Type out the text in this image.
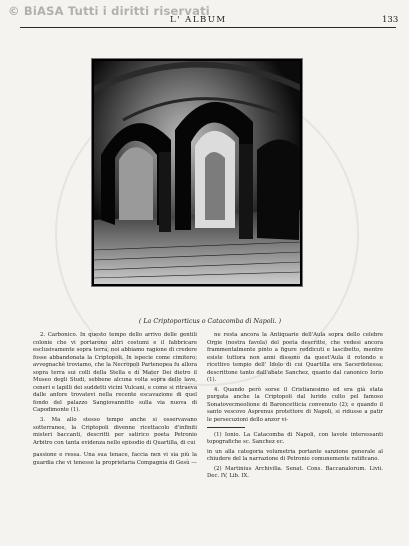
© BiASA Tutti i diritti riservati
L' ALBUM	133
( La Criptoporticus o Catacomba di Napoli. )

2. Carbonico. In questo tempo dello arrivo delle gentili colonie che vi portarono altri costumi e il fabbricare esclusivamente sopra terra, noi abbiamo ragione di credere fosse abbandonata la Criptopoli. In ispecie come cimitero; avvegnachè troviamo, che la Necropoli Partenopea fu allora sopra terra sui colli della Stella e di Mater Dei dietro il Museo degli Studi, sebbene alcuna volta sopra delle lave, ceneri e lapilli dei suddetti vicini Vulcani, e come si ritraeva dalle anfore trovatevi nella recente escavazione di quel fondo del palazzo Sangiovannitto sulla via nuova di Capodimonte (1).

3. Ma allo stesso tempo anche si osservavano sotterranee, la Criptopoli divenne ricettacolo d'infiniti misteri baccanti, descritti per satirico poeta Petronio Arbitro con tanta evidenza nello episodio di Quartilla, di cui

passione e ressa. Una sua tenace, faccia nen vi sia più la guardia che vi tenesse la proprietaria Compagnia di Gesù ---

ne resta ancora la Antiquarie dell'Aula sopra dello celebre Orgie (nostra favola) del poeta descritte, che vedesi ancora frammentalmente pinto a figure reddicuti e lascibetto, mentre esiste tuttora non anni dissono da quest'Aula il rotondo e ricettivo tempio dell' Idolo di cui Quartilla era Sacerdotessa; descrittone tanto dall'abate Sanchez, quanto dal canonico Iorio (1).

4. Quando però sorse il Cristianesimo ed era già stata purgata anche la Criptopoli dal lurido culto pel famoso Sonatovecmeolione di Baroncetticia convenuto (2); e quando il santo vescovo Asprenus protettore di Napoli, si ridusse a patir le persecuzioni dello anzor vi-

(1) Ionio. La Catacomba di Napoli, con lavole interessanti topografiche sc. Sanchez ec.

in un alla categoria volumetria portante sanzione generale al chiudere del la narrazione di Petronio comunemente ratificano.

(2) Martinius Archivilia. Senat. Cons. Baccanalorum. Livii. Dec. IV, Lib. IX.
